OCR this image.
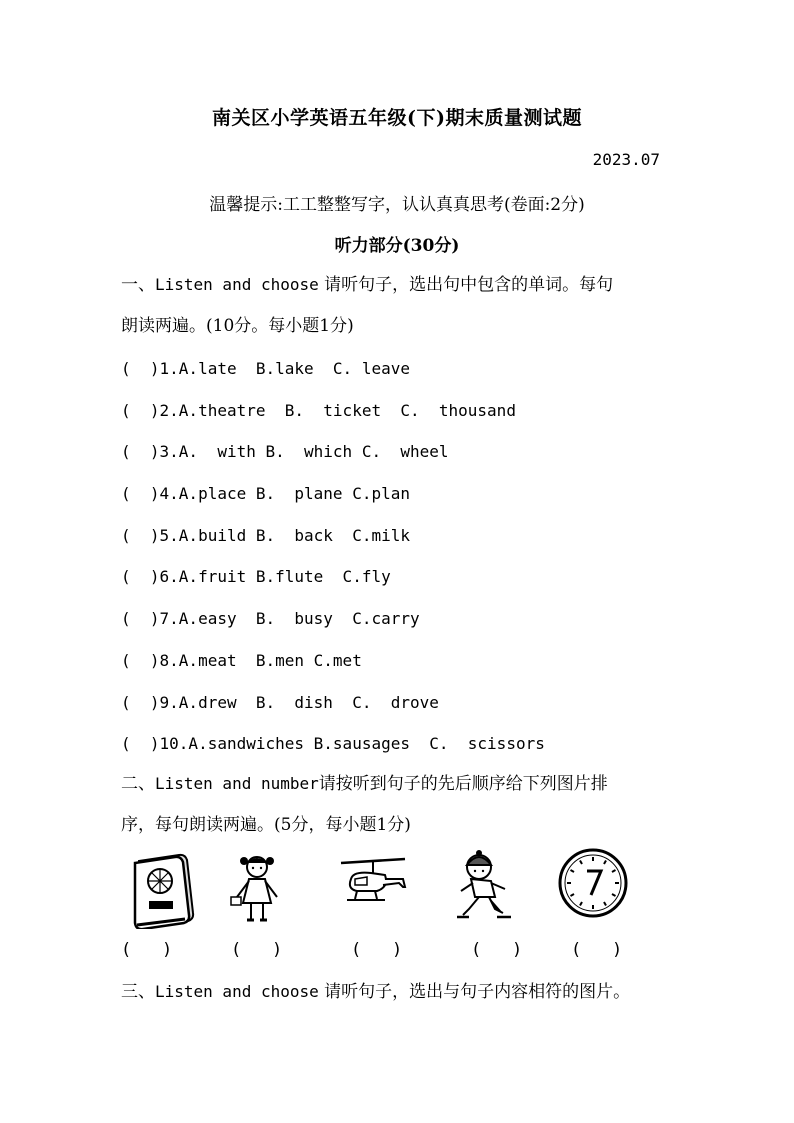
南关区小学英语五年级(下)期末质量测试题
2023.07
温馨提示:工工整整写字，认认真真思考(卷面:2分)
听力部分(30分)
一、Listen and choose 请听句子，选出句中包含的单词。每句
朗读两遍。(10分。每小题1分)
(  )1.A.late  B.lake  C. leave
(  )2.A.theatre  B.  ticket  C.  thousand
(  )3.A.  with B.  which C.  wheel
(  )4.A.place B.  plane C.plan
(  )5.A.build B.  back  C.milk
(  )6.A.fruit B.flute  C.fly
(  )7.A.easy  B.  busy  C.carry
(  )8.A.meat  B.men C.met
(  )9.A.drew  B.  dish  C.  drove
(  )10.A.sandwiches B.sausages  C.  scissors
二、Listen and number请按听到句子的先后顺序给下列图片排
序，每句朗读两遍。(5分，每小题1分)
(   )	(   )	(   )	(   )	(   )
三、Listen and choose 请听句子，选出与句子内容相符的图片。
